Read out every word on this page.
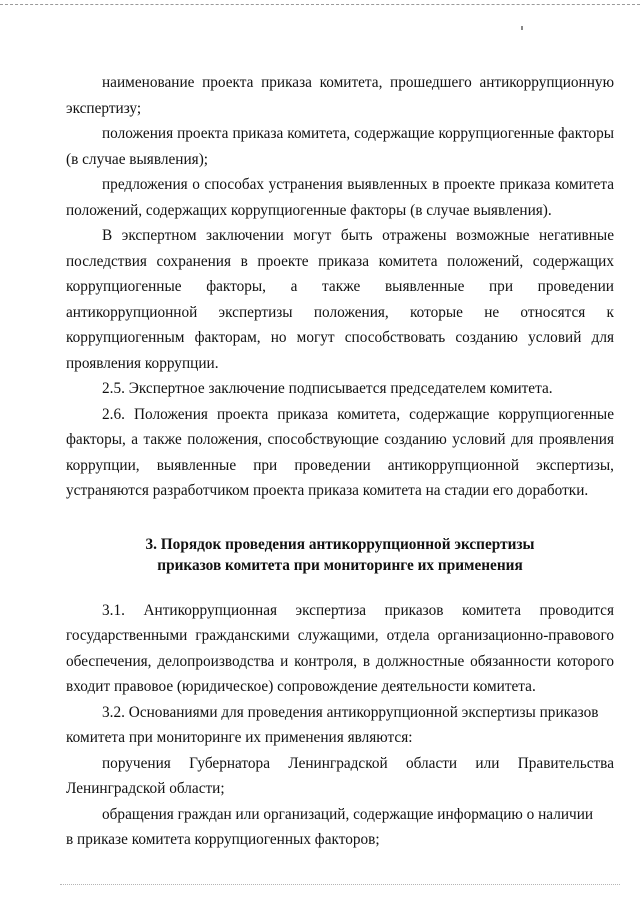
наименование проекта приказа комитета, прошедшего антикоррупционную

экспертизу;

положения проекта приказа комитета, содержащие коррупциогенные факторы

(в случае выявления);

предложения о способах устранения выявленных в проекте приказа комитета

положений, содержащих коррупциогенные факторы (в случае выявления).

В экспертном заключении могут быть отражены возможные негативные

последствия сохранения в проекте приказа комитета положений, содержащих

коррупциогенные факторы, а также выявленные при проведении

антикоррупционной экспертизы положения, которые не относятся к

коррупциогенным факторам, но могут способствовать созданию условий для

проявления коррупции.

2.5. Экспертное заключение подписывается председателем комитета.

2.6. Положения проекта приказа комитета, содержащие коррупциогенные

факторы, а также положения, способствующие созданию условий для проявления

коррупции, выявленные при проведении антикоррупционной экспертизы,

устраняются разработчиком проекта приказа комитета на стадии его доработки.

3. Порядок проведения антикоррупционной экспертизы

приказов комитета при мониторинге их применения

3.1. Антикоррупционная экспертиза приказов комитета проводится

государственными гражданскими служащими, отдела организационно-правового

обеспечения, делопроизводства и контроля, в должностные обязанности которого

входит правовое (юридическое) сопровождение деятельности комитета.

3.2. Основаниями для проведения антикоррупционной экспертизы приказов

комитета при мониторинге их применения являются:

поручения Губернатора Ленинградской области или Правительства

Ленинградской области;

обращения граждан или организаций, содержащие информацию о наличии

в приказе комитета коррупциогенных факторов;
